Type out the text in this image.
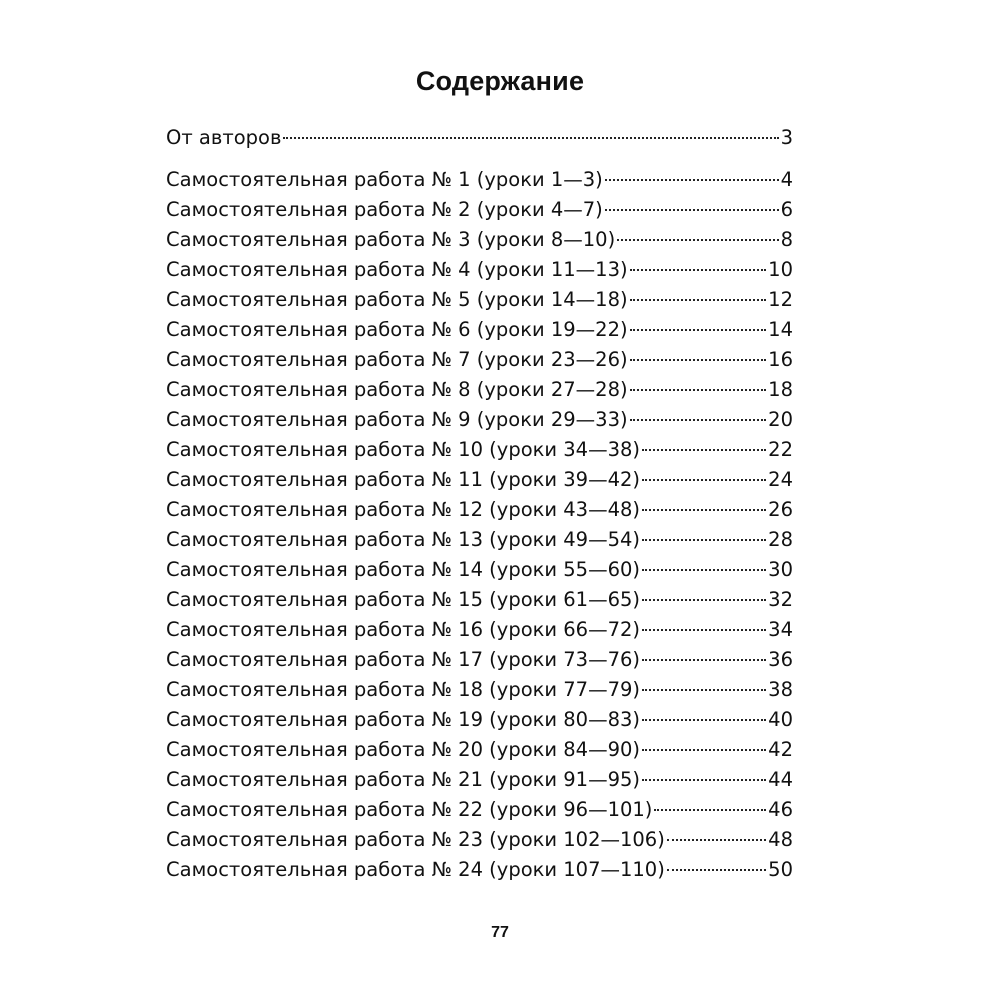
Содержание
От авторов	3
Самостоятельная работа № 1 (уроки 1—3)	4
Самостоятельная работа № 2 (уроки 4—7)	6
Самостоятельная работа № 3 (уроки 8—10)	8
Самостоятельная работа № 4 (уроки 11—13)	10
Самостоятельная работа № 5 (уроки 14—18)	12
Самостоятельная работа № 6 (уроки 19—22)	14
Самостоятельная работа № 7 (уроки 23—26)	16
Самостоятельная работа № 8 (уроки 27—28)	18
Самостоятельная работа № 9 (уроки 29—33)	20
Самостоятельная работа № 10 (уроки 34—38)	22
Самостоятельная работа № 11 (уроки 39—42)	24
Самостоятельная работа № 12 (уроки 43—48)	26
Самостоятельная работа № 13 (уроки 49—54)	28
Самостоятельная работа № 14 (уроки 55—60)	30
Самостоятельная работа № 15 (уроки 61—65)	32
Самостоятельная работа № 16 (уроки 66—72)	34
Самостоятельная работа № 17 (уроки 73—76)	36
Самостоятельная работа № 18 (уроки 77—79)	38
Самостоятельная работа № 19 (уроки 80—83)	40
Самостоятельная работа № 20 (уроки 84—90)	42
Самостоятельная работа № 21 (уроки 91—95)	44
Самостоятельная работа № 22 (уроки 96—101)	46
Самостоятельная работа № 23 (уроки 102—106)	48
Самостоятельная работа № 24 (уроки 107—110)	50
77
